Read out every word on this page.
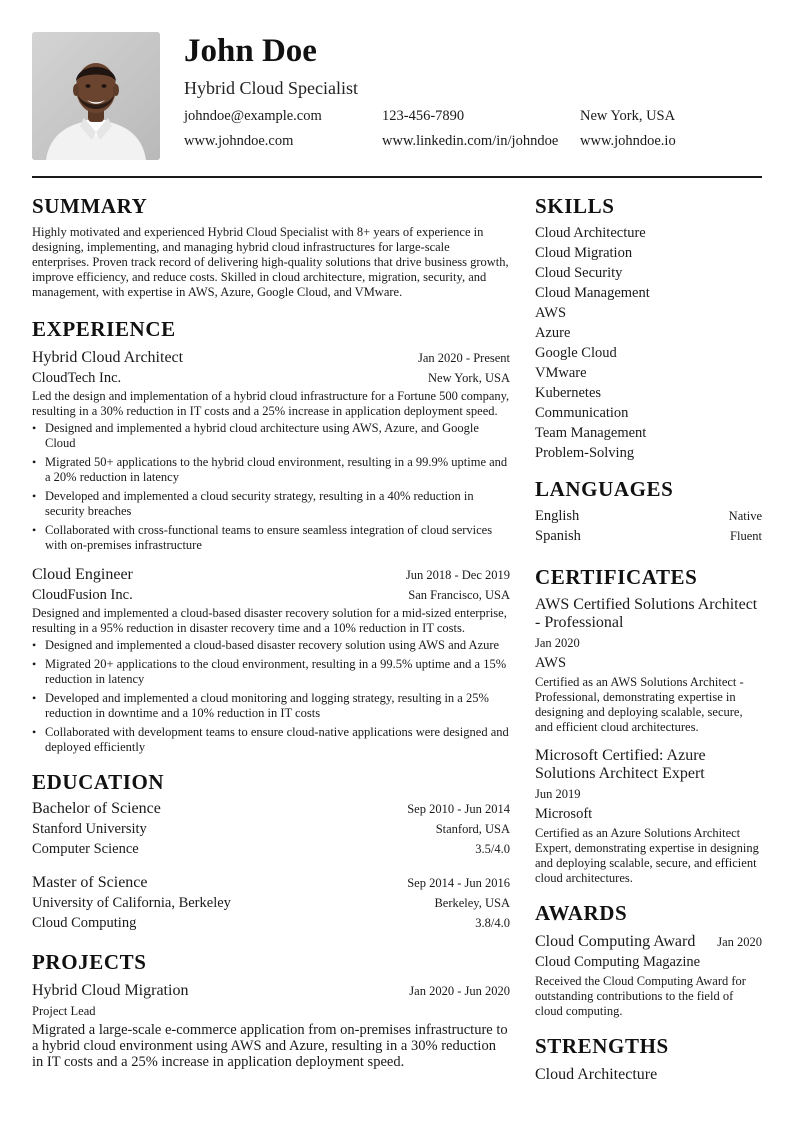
John Doe
Hybrid Cloud Specialist
johndoe@example.com	123-456-7890	New York, USA
www.johndoe.com	www.linkedin.com/in/johndoe	www.johndoe.io
SUMMARY

Highly motivated and experienced Hybrid Cloud Specialist with 8+ years of experience in designing, implementing, and managing hybrid cloud infrastructures for large-scale enterprises. Proven track record of delivering high-quality solutions that drive business growth, improve efficiency, and reduce costs. Skilled in cloud architecture, migration, security, and management, with expertise in AWS, Azure, Google Cloud, and VMware.

EXPERIENCE
Hybrid Cloud Architect	Jan 2020 - Present
CloudTech Inc.	New York, USA

Led the design and implementation of a hybrid cloud infrastructure for a Fortune 500 company, resulting in a 30% reduction in IT costs and a 25% increase in application deployment speed.

• Designed and implemented a hybrid cloud architecture using AWS, Azure, and Google Cloud
• Migrated 50+ applications to the hybrid cloud environment, resulting in a 99.9% uptime and a 20% reduction in latency
• Developed and implemented a cloud security strategy, resulting in a 40% reduction in security breaches
• Collaborated with cross-functional teams to ensure seamless integration of cloud services with on-premises infrastructure
Cloud Engineer	Jun 2018 - Dec 2019
CloudFusion Inc.	San Francisco, USA

Designed and implemented a cloud-based disaster recovery solution for a mid-sized enterprise, resulting in a 95% reduction in disaster recovery time and a 10% reduction in IT costs.

• Designed and implemented a cloud-based disaster recovery solution using AWS and Azure
• Migrated 20+ applications to the cloud environment, resulting in a 99.5% uptime and a 15% reduction in latency
• Developed and implemented a cloud monitoring and logging strategy, resulting in a 25% reduction in downtime and a 10% reduction in IT costs
• Collaborated with development teams to ensure cloud-native applications were designed and deployed efficiently
EDUCATION
Bachelor of Science	Sep 2010 - Jun 2014
Stanford University	Stanford, USA
Computer Science	3.5/4.0
Master of Science	Sep 2014 - Jun 2016
University of California, Berkeley	Berkeley, USA
Cloud Computing	3.8/4.0
PROJECTS
Hybrid Cloud Migration	Jan 2020 - Jun 2020
Project Lead

Migrated a large-scale e-commerce application from on-premises infrastructure to a hybrid cloud environment using AWS and Azure, resulting in a 30% reduction in IT costs and a 25% increase in application deployment speed.

SKILLS
Cloud Architecture
Cloud Migration
Cloud Security
Cloud Management
AWS
Azure
Google Cloud
VMware
Kubernetes
Communication
Team Management
Problem-Solving
LANGUAGES
English	Native
Spanish	Fluent
CERTIFICATES
AWS Certified Solutions Architect - Professional
Jan 2020
AWS

Certified as an AWS Solutions Architect - Professional, demonstrating expertise in designing and deploying scalable, secure, and efficient cloud architectures.

Microsoft Certified: Azure Solutions Architect Expert
Jun 2019
Microsoft

Certified as an Azure Solutions Architect Expert, demonstrating expertise in designing and deploying scalable, secure, and efficient cloud architectures.

AWARDS
Cloud Computing Award Jan 2020
Cloud Computing Magazine

Received the Cloud Computing Award for outstanding contributions to the field of cloud computing.

STRENGTHS
Cloud Architecture
